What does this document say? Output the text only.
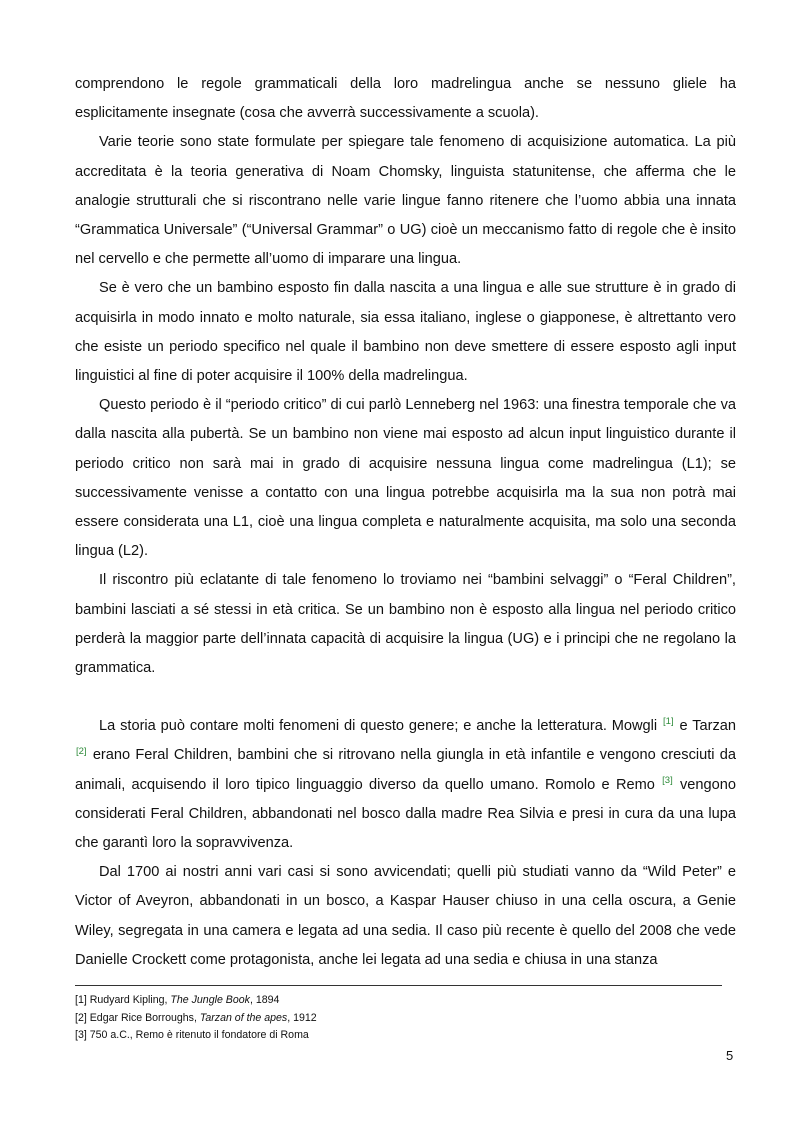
comprendono le regole grammaticali della loro madrelingua anche se nessuno gliele ha esplicitamente insegnate (cosa che avverrà successivamente a scuola).

Varie teorie sono state formulate per spiegare tale fenomeno di acquisizione automatica. La più accreditata è la teoria generativa di Noam Chomsky, linguista statunitense, che afferma che le analogie strutturali che si riscontrano nelle varie lingue fanno ritenere che l’uomo abbia una innata “Grammatica Universale” (“Universal Grammar” o UG) cioè un meccanismo fatto di regole che è insito nel cervello e che permette all’uomo di imparare una lingua.

Se è vero che un bambino esposto fin dalla nascita a una lingua e alle sue strutture è in grado di acquisirla in modo innato e molto naturale, sia essa italiano, inglese o giapponese, è altrettanto vero che esiste un periodo specifico nel quale il bambino non deve smettere di essere esposto agli input linguistici al fine di poter acquisire il 100% della madrelingua.

Questo periodo è il “periodo critico” di cui parlò Lenneberg nel 1963: una finestra temporale che va dalla nascita alla pubertà. Se un bambino non viene mai esposto ad alcun input linguistico durante il periodo critico non sarà mai in grado di acquisire nessuna lingua come madrelingua (L1); se successivamente venisse a contatto con una lingua potrebbe acquisirla ma la sua non potrà mai essere considerata una L1, cioè una lingua completa e naturalmente acquisita, ma solo una seconda lingua (L2).

Il riscontro più eclatante di tale fenomeno lo troviamo nei “bambini selvaggi” o “Feral Children”, bambini lasciati a sé stessi in età critica. Se un bambino non è esposto alla lingua nel periodo critico perderà la maggior parte dell’innata capacità di acquisire la lingua (UG) e i principi che ne regolano la grammatica.

La storia può contare molti fenomeni di questo genere; e anche la letteratura. Mowgli [1] e Tarzan [2] erano Feral Children, bambini che si ritrovano nella giungla in età infantile e vengono cresciuti da animali, acquisendo il loro tipico linguaggio diverso da quello umano. Romolo e Remo [3] vengono considerati Feral Children, abbandonati nel bosco dalla madre Rea Silvia e presi in cura da una lupa che garantì loro la sopravvivenza.

Dal 1700 ai nostri anni vari casi si sono avvicendati; quelli più studiati vanno da “Wild Peter” e Victor of Aveyron, abbandonati in un bosco, a Kaspar Hauser chiuso in una cella oscura, a Genie Wiley, segregata in una camera e legata ad una sedia. Il caso più recente è quello del 2008 che vede Danielle Crockett come protagonista, anche lei legata ad una sedia e chiusa in una stanza

[1] Rudyard Kipling, The Jungle Book, 1894
[2] Edgar Rice Borroughs, Tarzan of the apes, 1912
[3] 750 a.C., Remo è ritenuto il fondatore di Roma
5
